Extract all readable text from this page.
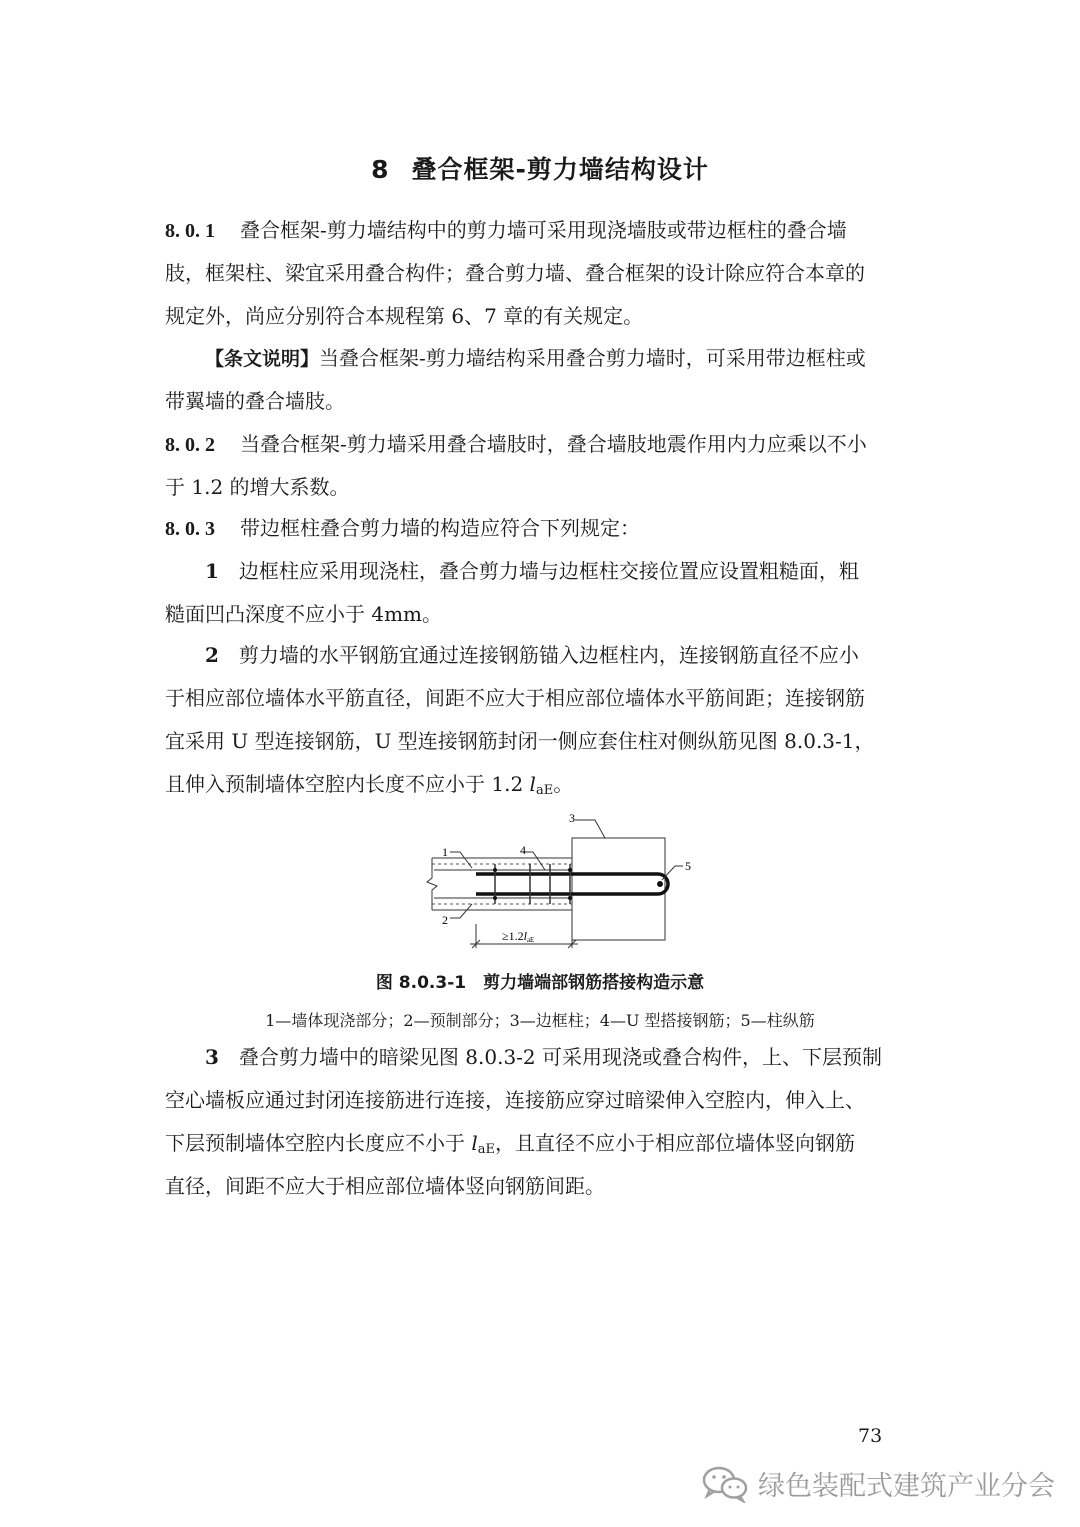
8 叠合框架-剪力墙结构设计
8. 0. 1 叠合框架-剪力墙结构中的剪力墙可采用现浇墙肢或带边框柱的叠合墙
肢，框架柱、梁宜采用叠合构件；叠合剪力墙、叠合框架的设计除应符合本章的
规定外，尚应分别符合本规程第 6、7 章的有关规定。
【条文说明】当叠合框架-剪力墙结构采用叠合剪力墙时，可采用带边框柱或
带翼墙的叠合墙肢。
8. 0. 2 当叠合框架-剪力墙采用叠合墙肢时，叠合墙肢地震作用内力应乘以不小
于 1.2 的增大系数。
8. 0. 3 带边框柱叠合剪力墙的构造应符合下列规定：
1　 边框柱应采用现浇柱，叠合剪力墙与边框柱交接位置应设置粗糙面，粗
糙面凹凸深度不应小于 4mm。
2　 剪力墙的水平钢筋宜通过连接钢筋锚入边框柱内，连接钢筋直径不应小
于相应部位墙体水平筋直径，间距不应大于相应部位墙体水平筋间距；连接钢筋
宜采用 U 型连接钢筋，U 型连接钢筋封闭一侧应套住柱对侧纵筋见图 8.0.3-1，
且伸入预制墙体空腔内长度不应小于 1.2 $l_{aE}$。
1
2
3
4
5
≥1.2laE
图 8.0.3-1　剪力墙端部钢筋搭接构造示意
1—墙体现浇部分；2—预制部分；3—边框柱；4—U 型搭接钢筋；5—柱纵筋
3　 叠合剪力墙中的暗梁见图 8.0.3-2 可采用现浇或叠合构件，上、下层预制
空心墙板应通过封闭连接筋进行连接，连接筋应穿过暗梁伸入空腔内，伸入上、
下层预制墙体空腔内长度应不小于 $l_{aE}$，且直径不应小于相应部位墙体竖向钢筋
直径，间距不应大于相应部位墙体竖向钢筋间距。
73
绿色装配式建筑产业分会
